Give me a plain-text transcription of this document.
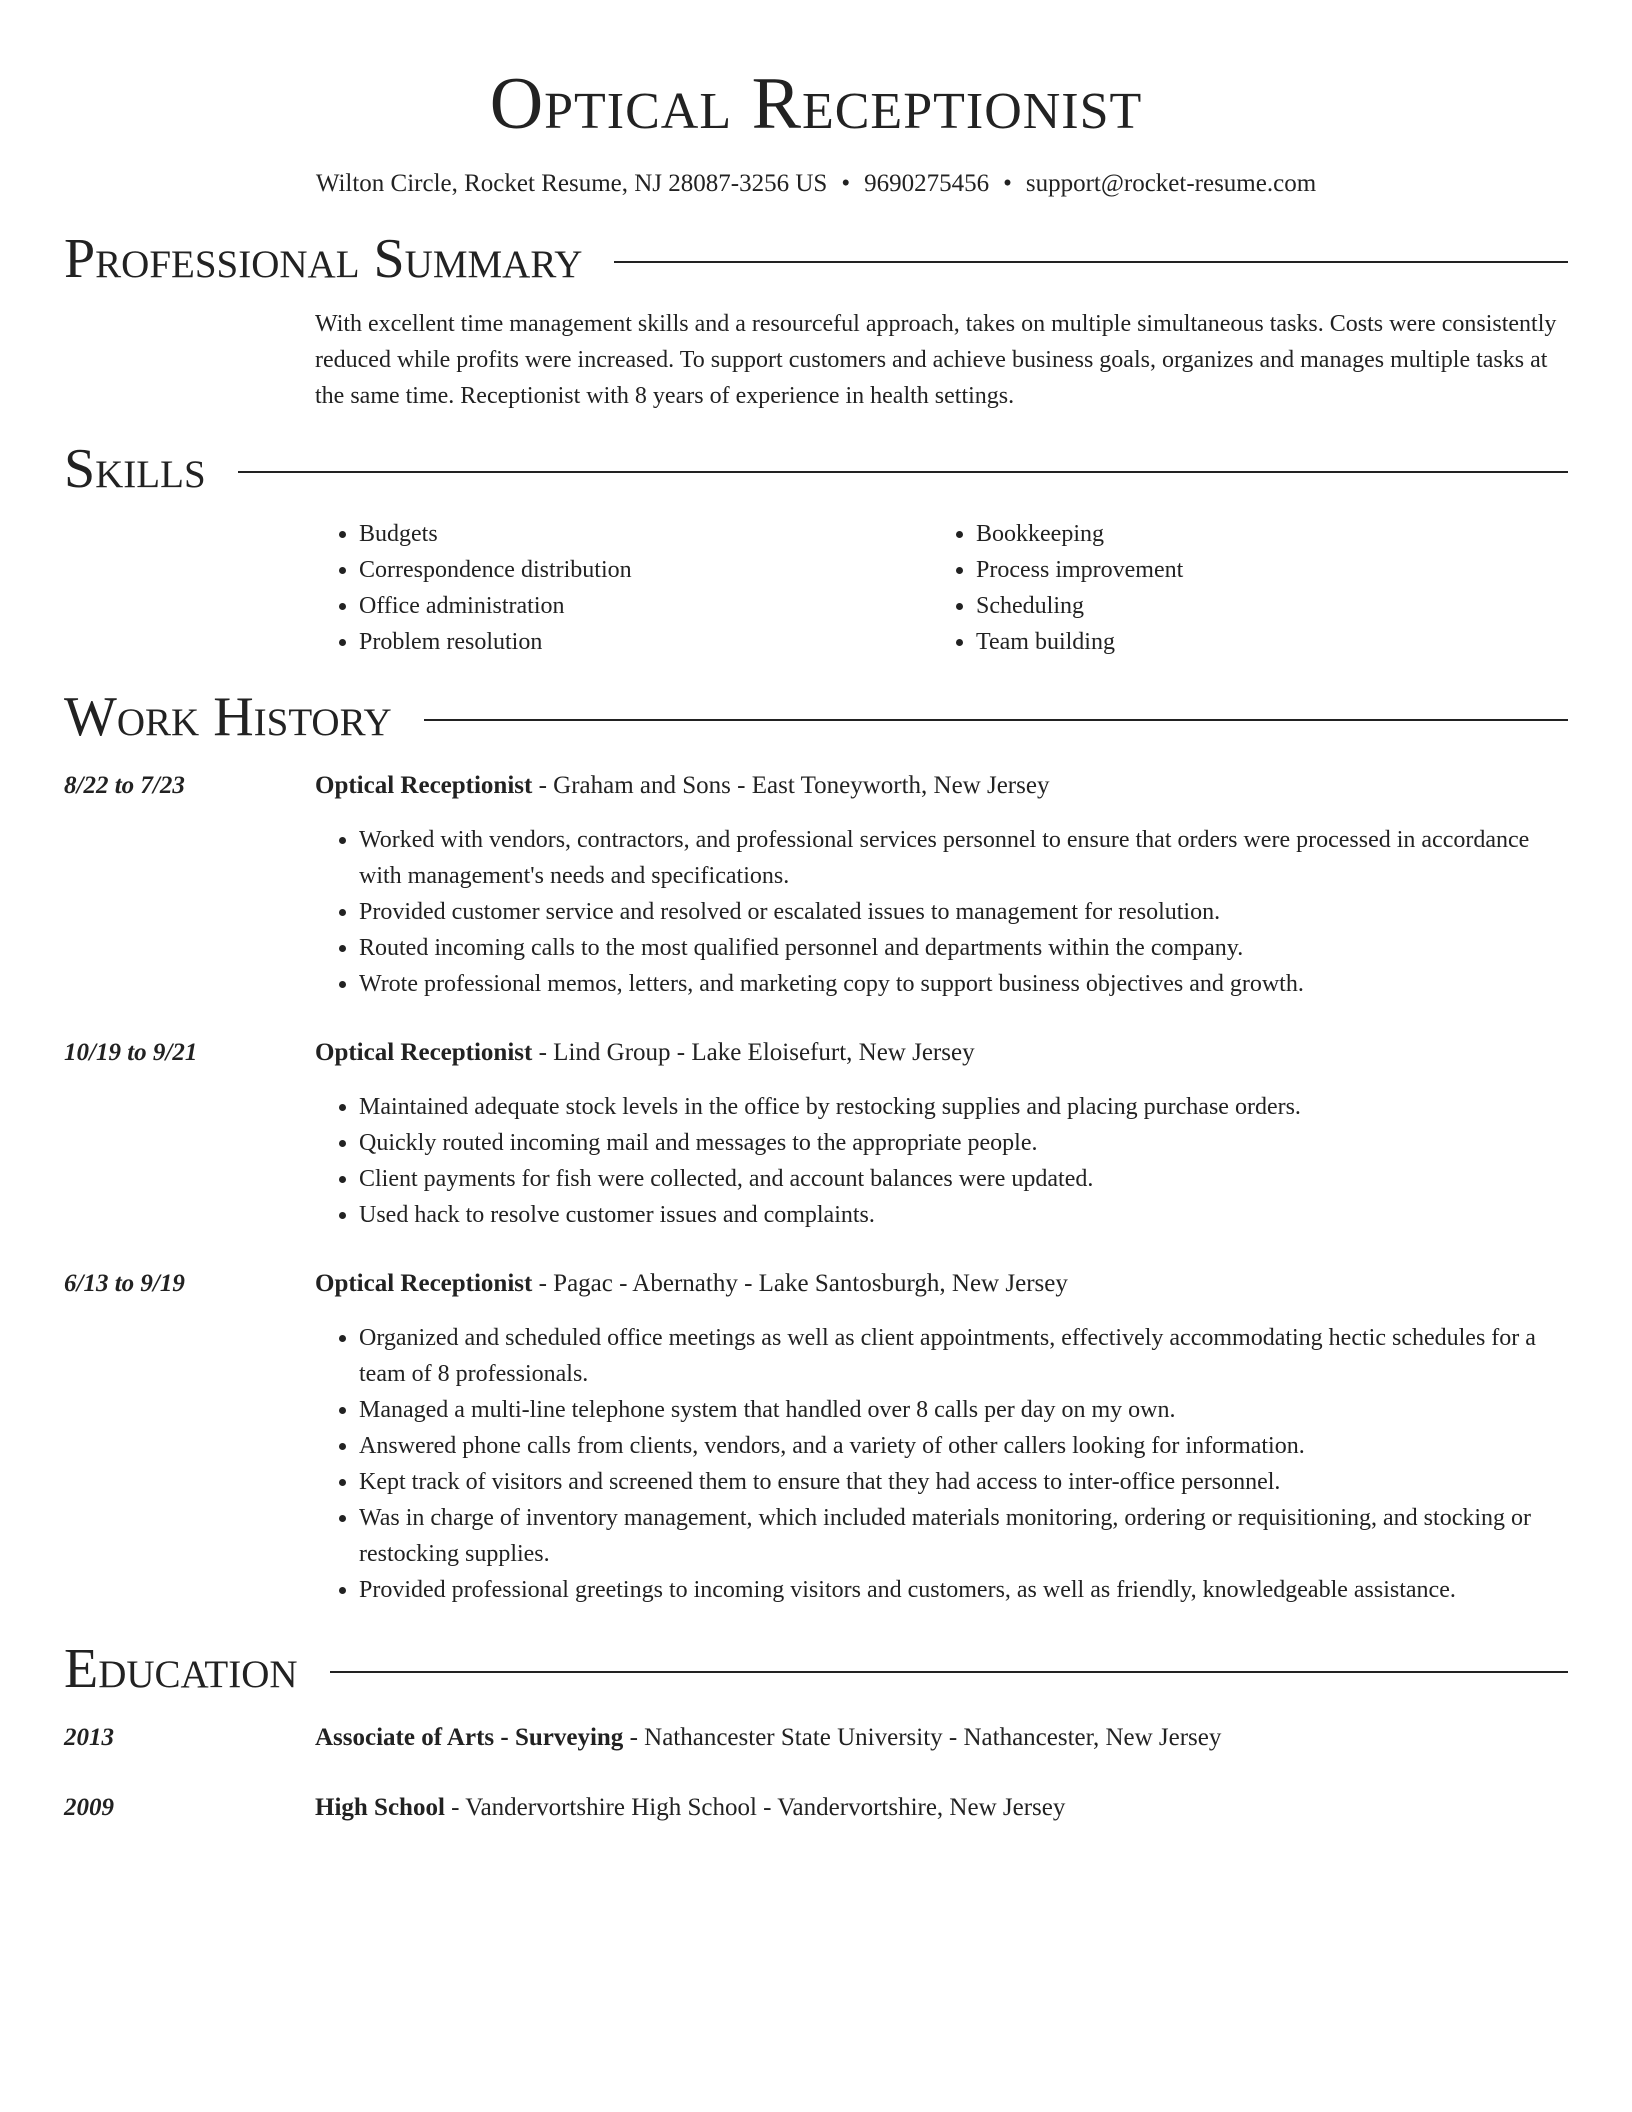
Optical Receptionist
Wilton Circle, Rocket Resume, NJ 28087-3256 US • 9690275456 • support@rocket-resume.com
Professional Summary

With excellent time management skills and a resourceful approach, takes on multiple simultaneous tasks. Costs were consistently reduced while profits were increased. To support customers and achieve business goals, organizes and manages multiple tasks at the same time. Receptionist with 8 years of experience in health settings.

Skills
• Budgets
• Correspondence distribution
• Office administration
• Problem resolution
• Bookkeeping
• Process improvement
• Scheduling
• Team building
Work History
8/22 to 7/23	Optical Receptionist - Graham and Sons - East Toneyworth, New Jersey
• Worked with vendors, contractors, and professional services personnel to ensure that orders were processed in accordance with management's needs and specifications.
• Provided customer service and resolved or escalated issues to management for resolution.
• Routed incoming calls to the most qualified personnel and departments within the company.
• Wrote professional memos, letters, and marketing copy to support business objectives and growth.
10/19 to 9/21	Optical Receptionist - Lind Group - Lake Eloisefurt, New Jersey
• Maintained adequate stock levels in the office by restocking supplies and placing purchase orders.
• Quickly routed incoming mail and messages to the appropriate people.
• Client payments for fish were collected, and account balances were updated.
• Used hack to resolve customer issues and complaints.
6/13 to 9/19	Optical Receptionist - Pagac - Abernathy - Lake Santosburgh, New Jersey
• Organized and scheduled office meetings as well as client appointments, effectively accommodating hectic schedules for a team of 8 professionals.
• Managed a multi-line telephone system that handled over 8 calls per day on my own.
• Answered phone calls from clients, vendors, and a variety of other callers looking for information.
• Kept track of visitors and screened them to ensure that they had access to inter-office personnel.
• Was in charge of inventory management, which included materials monitoring, ordering or requisitioning, and stocking or restocking supplies.
• Provided professional greetings to incoming visitors and customers, as well as friendly, knowledgeable assistance.
Education
2013	Associate of Arts - Surveying - Nathancester State University - Nathancester, New Jersey
2009	High School - Vandervortshire High School - Vandervortshire, New Jersey
